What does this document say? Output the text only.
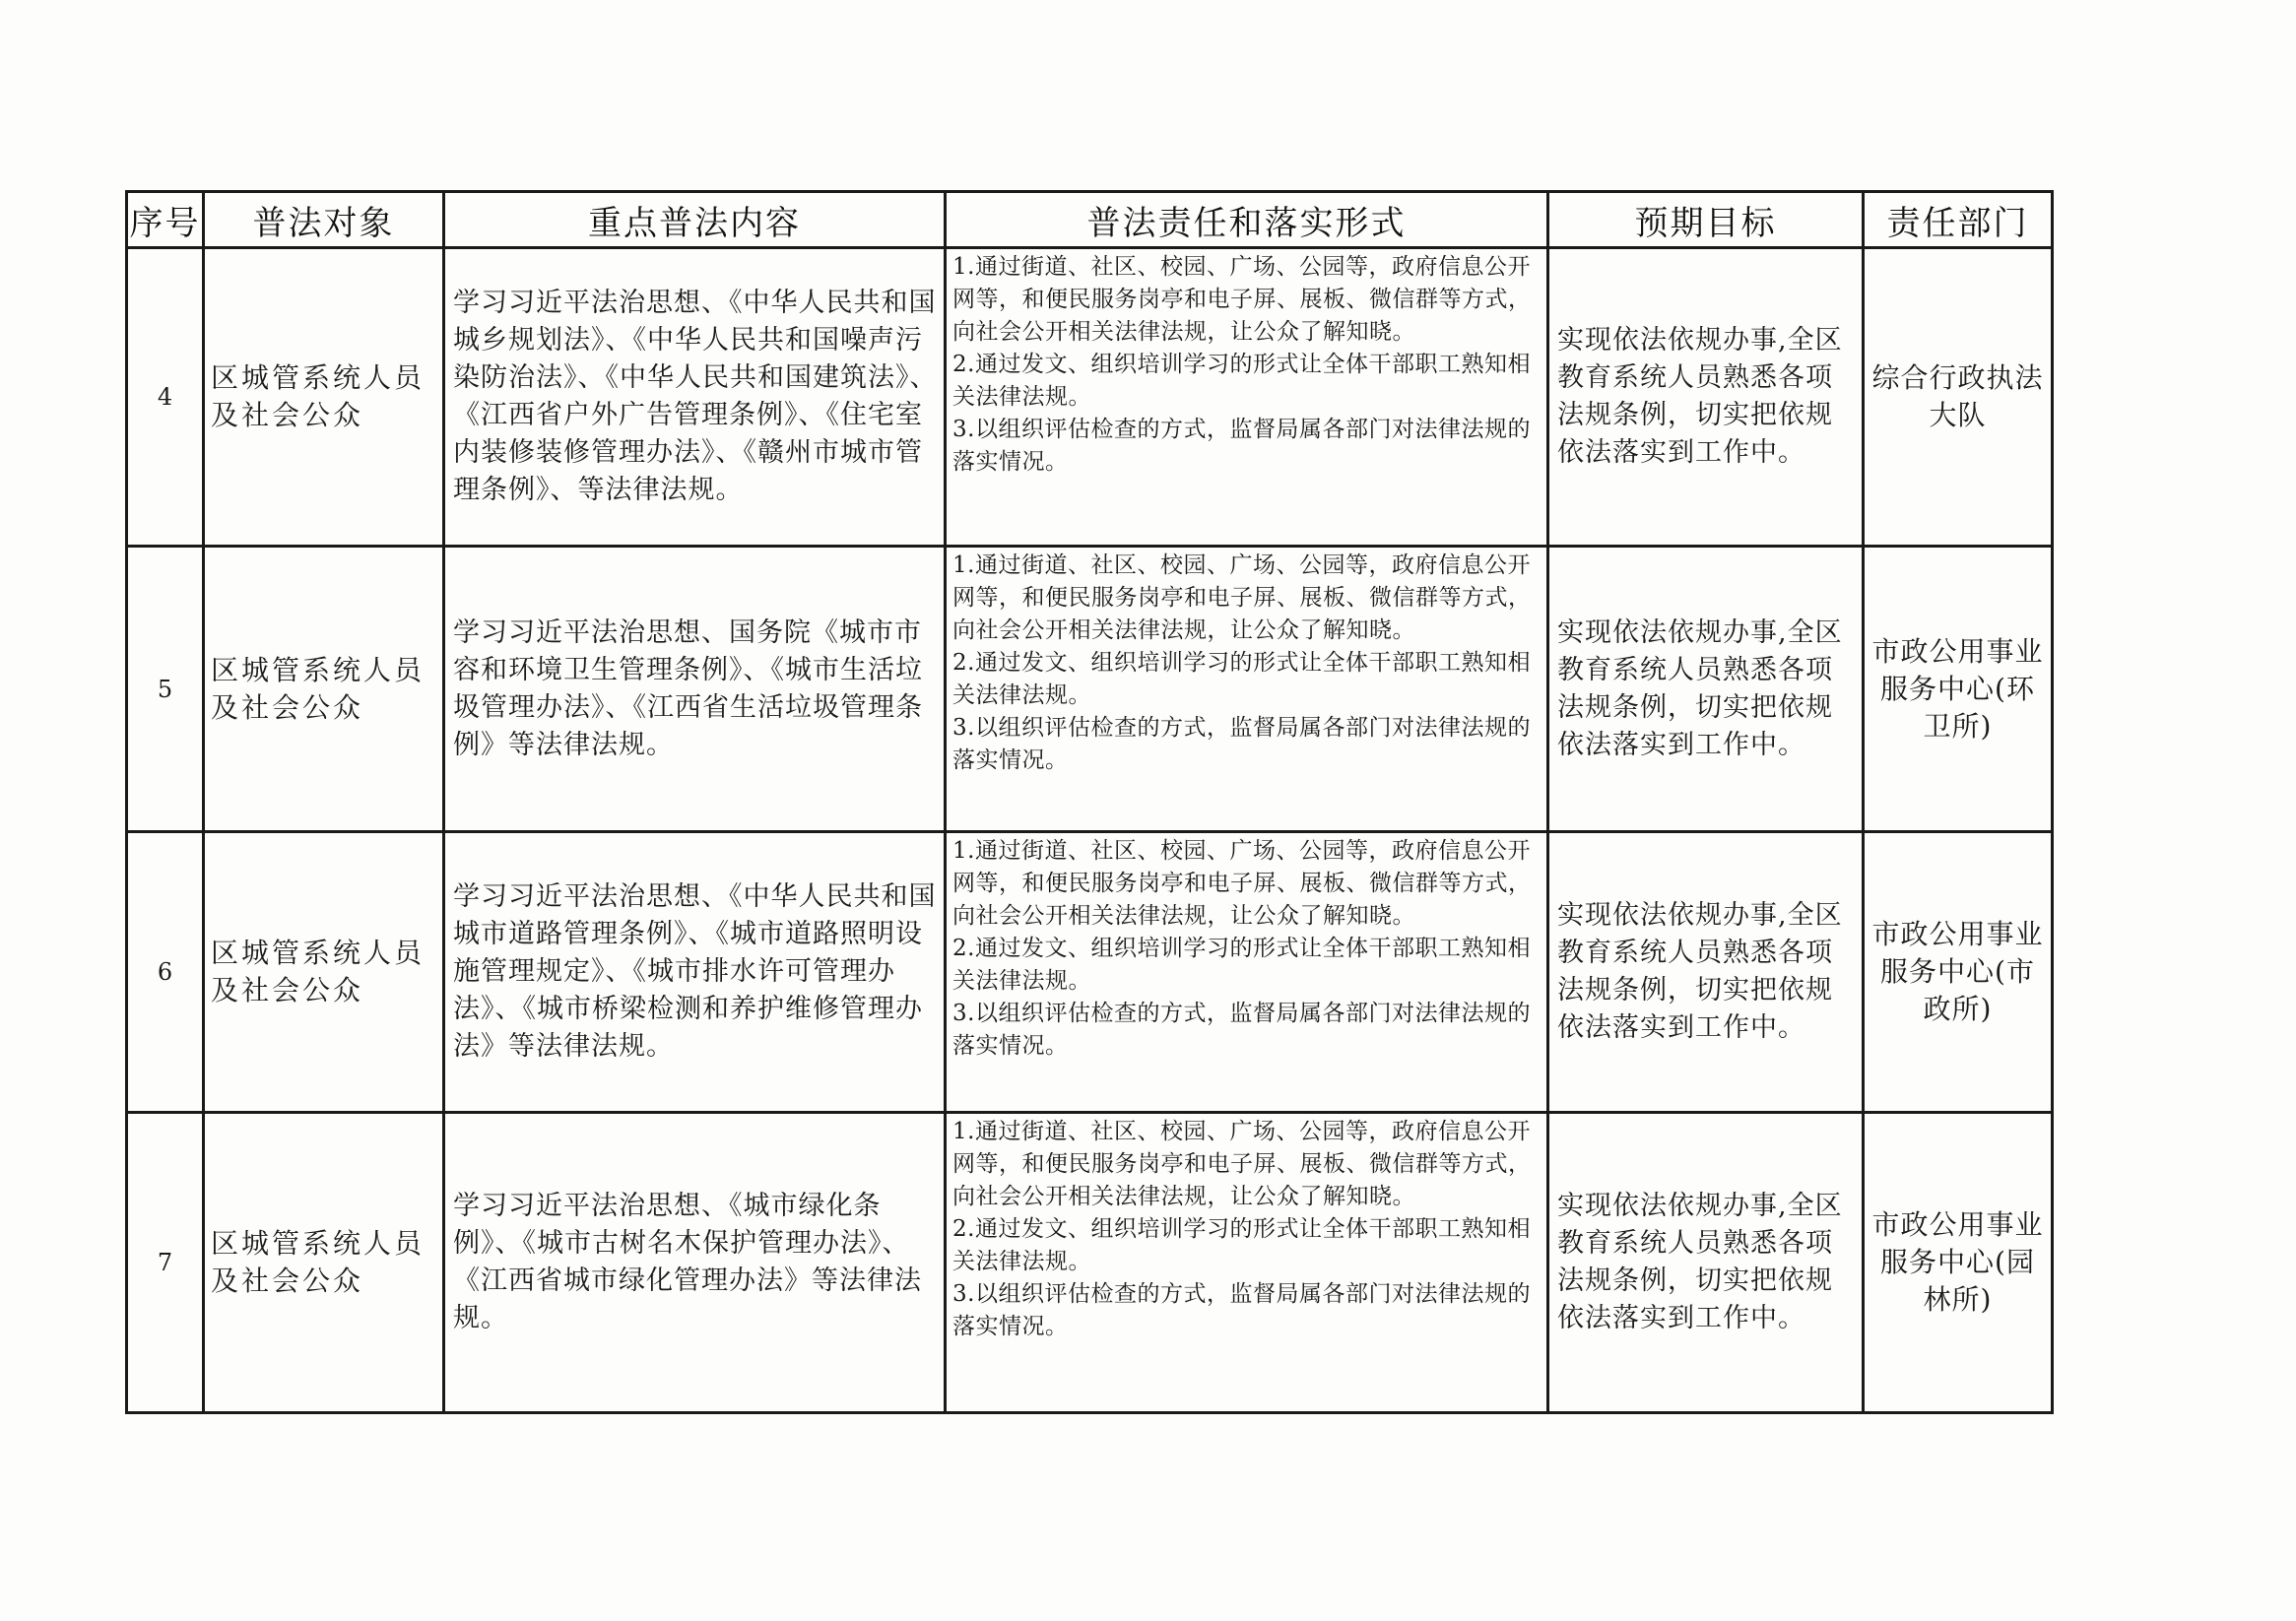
序号	普法对象	重点普法内容	普法责任和落实形式	预期目标	责任部门
4	区城管系统人员及社会公众	学习习近平法治思想、《中华人民共和国城乡规划法》、《中华人民共和国噪声污染防治法》、《中华人民共和国建筑法》、《江西省户外广告管理条例》、《住宅室内装修装修管理办法》、《赣州市城市管理条例》、等法律法规。	1.通过街道、社区、校园、广场、公园等，政府信息公开网等，和便民服务岗亭和电子屏、展板、微信群等方式，向社会公开相关法律法规，让公众了解知晓。
2.通过发文、组织培训学习的形式让全体干部职工熟知相关法律法规。
3.以组织评估检查的方式，监督局属各部门对法律法规的落实情况。	实现依法依规办事,全区教育系统人员熟悉各项法规条例，切实把依规依法落实到工作中。	综合行政执法大队
5	区城管系统人员及社会公众	学习习近平法治思想、国务院《城市市容和环境卫生管理条例》、《城市生活垃圾管理办法》、《江西省生活垃圾管理条例》等法律法规。	1.通过街道、社区、校园、广场、公园等，政府信息公开网等，和便民服务岗亭和电子屏、展板、微信群等方式，向社会公开相关法律法规，让公众了解知晓。
2.通过发文、组织培训学习的形式让全体干部职工熟知相关法律法规。
3.以组织评估检查的方式，监督局属各部门对法律法规的落实情况。	实现依法依规办事,全区教育系统人员熟悉各项法规条例，切实把依规依法落实到工作中。	市政公用事业服务中心(环卫所)
6	区城管系统人员及社会公众	学习习近平法治思想、《中华人民共和国城市道路管理条例》、《城市道路照明设施管理规定》、《城市排水许可管理办法》、《城市桥梁检测和养护维修管理办法》等法律法规。	1.通过街道、社区、校园、广场、公园等，政府信息公开网等，和便民服务岗亭和电子屏、展板、微信群等方式，向社会公开相关法律法规，让公众了解知晓。
2.通过发文、组织培训学习的形式让全体干部职工熟知相关法律法规。
3.以组织评估检查的方式，监督局属各部门对法律法规的落实情况。	实现依法依规办事,全区教育系统人员熟悉各项法规条例，切实把依规依法落实到工作中。	市政公用事业服务中心(市政所)
7	区城管系统人员及社会公众	学习习近平法治思想、《城市绿化条例》、《城市古树名木保护管理办法》、《江西省城市绿化管理办法》等法律法规。	1.通过街道、社区、校园、广场、公园等，政府信息公开网等，和便民服务岗亭和电子屏、展板、微信群等方式，向社会公开相关法律法规，让公众了解知晓。
2.通过发文、组织培训学习的形式让全体干部职工熟知相关法律法规。
3.以组织评估检查的方式，监督局属各部门对法律法规的落实情况。	实现依法依规办事,全区教育系统人员熟悉各项法规条例，切实把依规依法落实到工作中。	市政公用事业服务中心(园林所)
